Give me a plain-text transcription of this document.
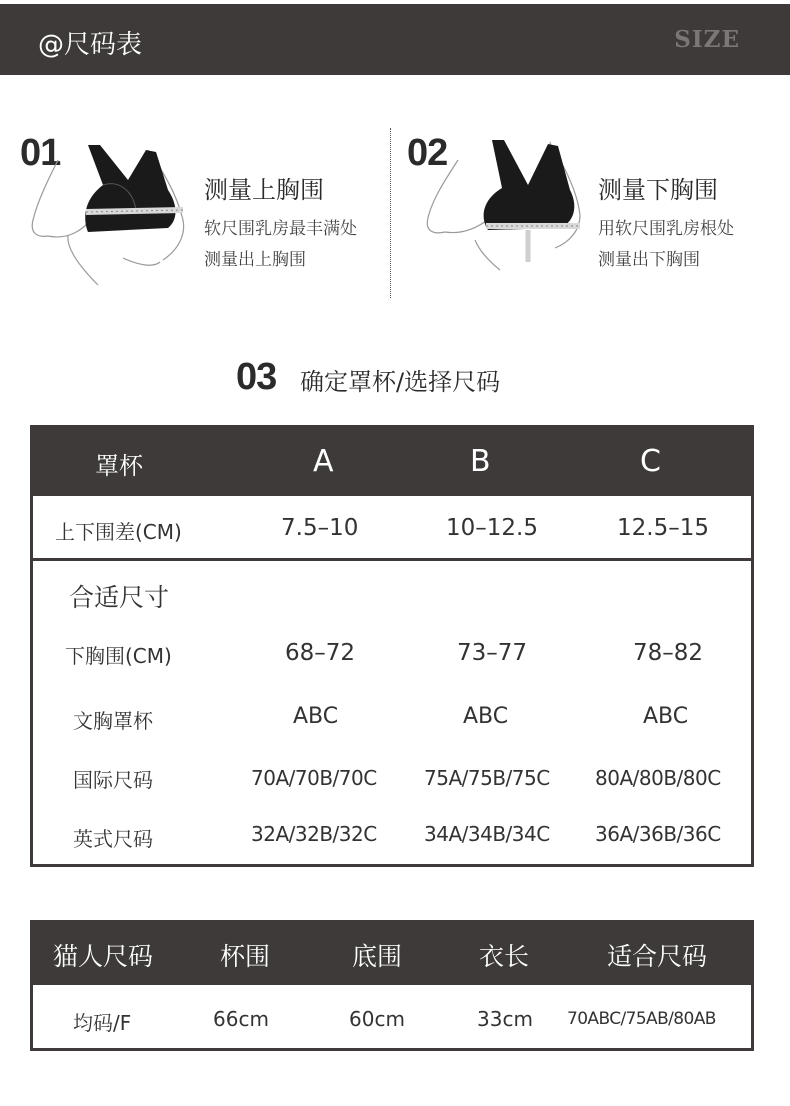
@尺码表	SIZE
01
测量上胸围
软尺围乳房最丰满处
测量出上胸围
02
测量下胸围
用软尺围乳房根处
测量出下胸围
03 确定罩杯/选择尺码
罩杯	A	B	C
上下围差(CM)	7.5–10	10–12.5	12.5–15
合适尺寸
下胸围(CM)	68–72	73–77	78–82
文胸罩杯	ABC	ABC	ABC
国际尺码	70A/70B/70C 75A/75B/75C 80A/80B/80C
英式尺码	32A/32B/32C 34A/34B/34C 36A/36B/36C
猫人尺码	杯围	底围	衣长	适合尺码
均码/F	66cm	60cm	33cm 70ABC/75AB/80AB
